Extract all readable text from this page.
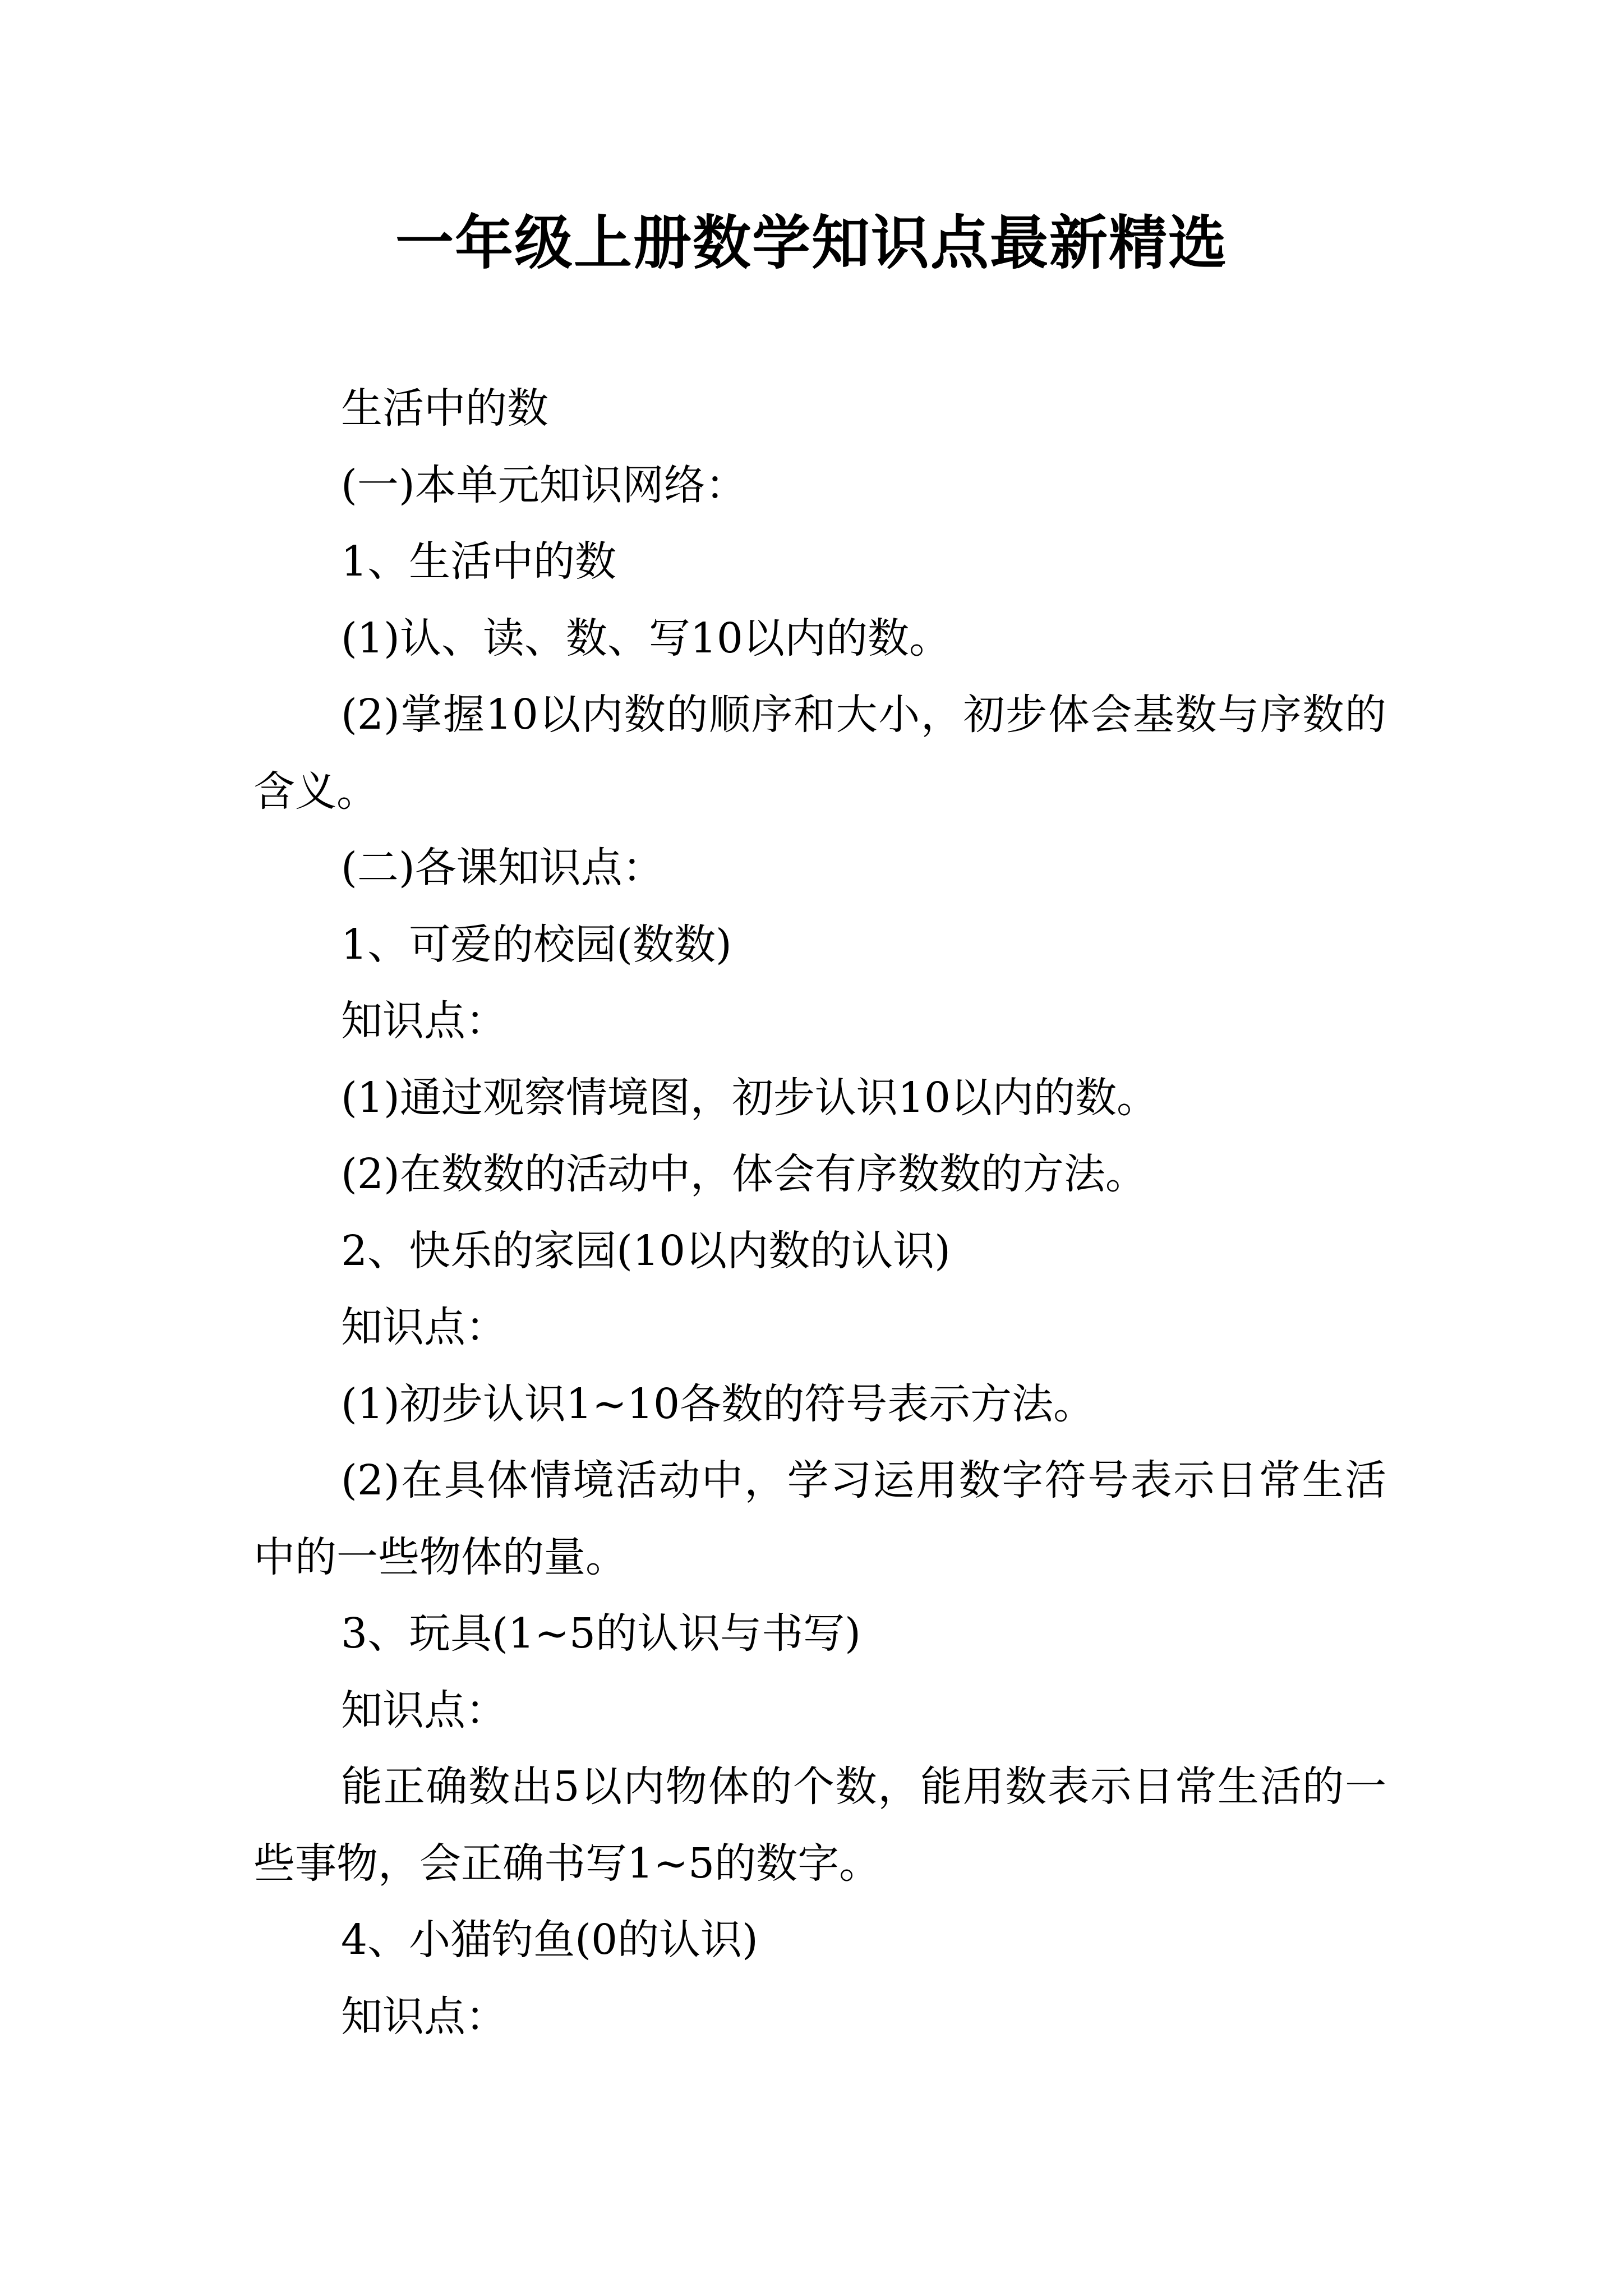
一年级上册数学知识点最新精选

生活中的数

(一)本单元知识网络：

1、生活中的数

(1)认、读、数、写10以内的数。

(2)掌握10以内数的顺序和大小，初步体会基数与序数的含义。

(二)各课知识点：

1、可爱的校园(数数)

知识点：

(1)通过观察情境图，初步认识10以内的数。

(2)在数数的活动中，体会有序数数的方法。

2、快乐的家园(10以内数的认识)

知识点：

(1)初步认识1~10各数的符号表示方法。

(2)在具体情境活动中，学习运用数字符号表示日常生活中的一些物体的量。

3、玩具(1~5的认识与书写)

知识点：

能正确数出5以内物体的个数，能用数表示日常生活的一些事物，会正确书写1~5的数字。

4、小猫钓鱼(0的认识)

知识点：
